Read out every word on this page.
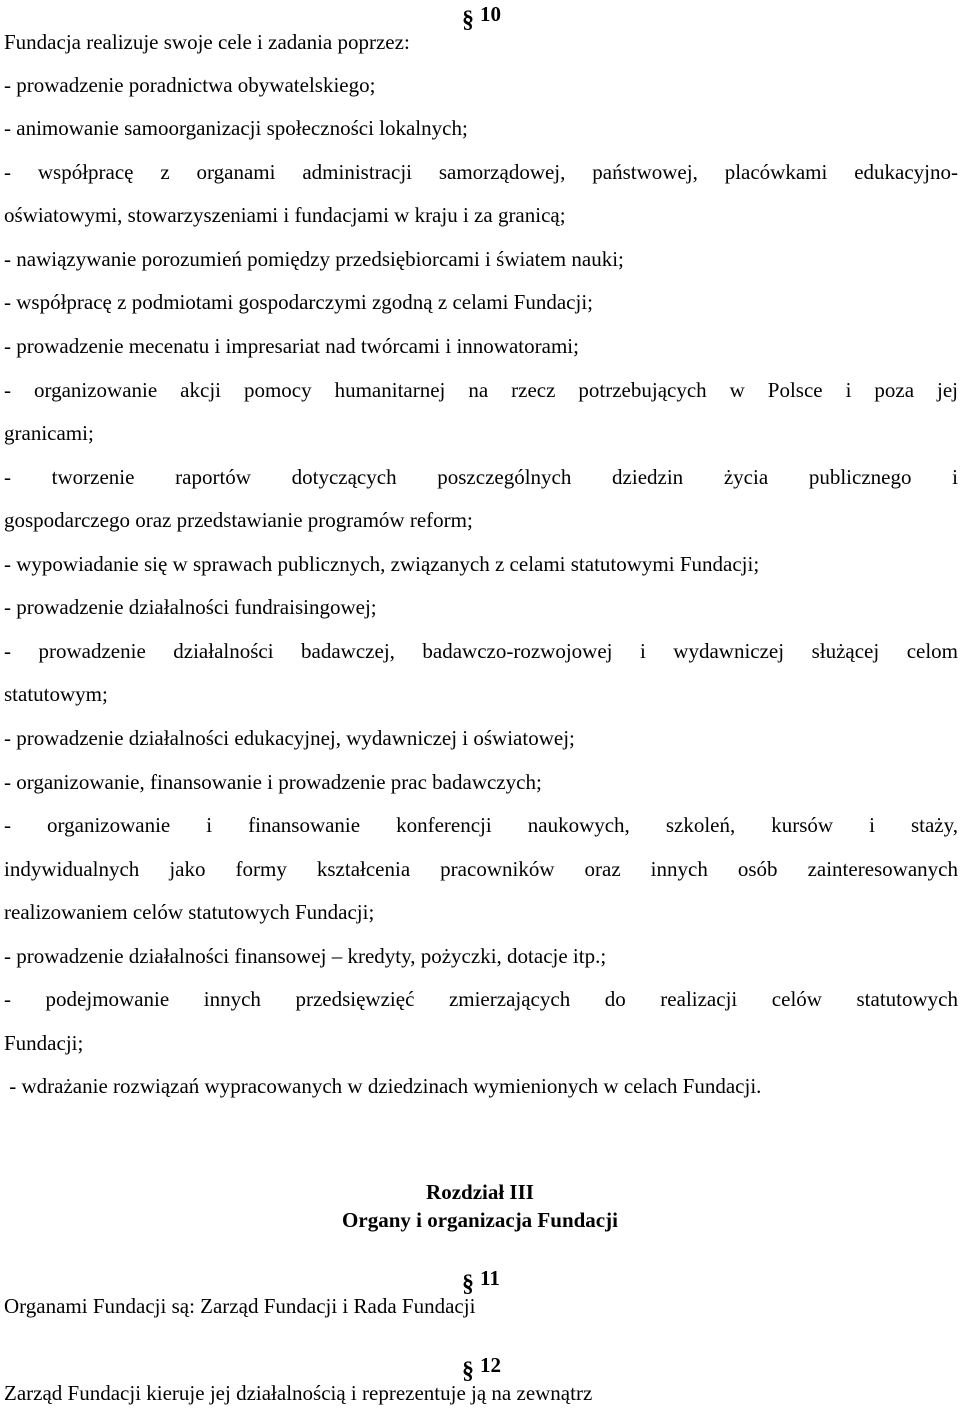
§ 10
Fundacja realizuje swoje cele i zadania poprzez:
- prowadzenie poradnictwa obywatelskiego;
- animowanie samoorganizacji społeczności lokalnych;
- współpracę z organami administracji samorządowej, państwowej, placówkami edukacyjno-
oświatowymi, stowarzyszeniami i fundacjami w kraju i za granicą;
- nawiązywanie porozumień pomiędzy przedsiębiorcami i światem nauki;
- współpracę z podmiotami gospodarczymi zgodną z celami Fundacji;
- prowadzenie mecenatu i impresariat nad twórcami i innowatorami;
- organizowanie akcji pomocy humanitarnej na rzecz potrzebujących w Polsce i poza jej
granicami;
- tworzenie raportów dotyczących poszczególnych dziedzin życia publicznego i
gospodarczego oraz przedstawianie programów reform;
- wypowiadanie się w sprawach publicznych, związanych z celami statutowymi Fundacji;
- prowadzenie działalności fundraisingowej;
- prowadzenie działalności badawczej, badawczo-rozwojowej i wydawniczej służącej celom
statutowym;
- prowadzenie działalności edukacyjnej, wydawniczej i oświatowej;
- organizowanie, finansowanie i prowadzenie prac badawczych;
- organizowanie i finansowanie konferencji naukowych, szkoleń, kursów i staży,
indywidualnych jako formy kształcenia pracowników oraz innych osób zainteresowanych
realizowaniem celów statutowych Fundacji;
- prowadzenie działalności finansowej – kredyty, pożyczki, dotacje itp.;
- podejmowanie innych przedsięwzięć zmierzających do realizacji celów statutowych
Fundacji;
- wdrażanie rozwiązań wypracowanych w dziedzinach wymienionych w celach Fundacji.
Rozdział III
Organy i organizacja Fundacji
§ 11
Organami Fundacji są: Zarząd Fundacji i Rada Fundacji
§ 12
Zarząd Fundacji kieruje jej działalnością i reprezentuje ją na zewnątrz
